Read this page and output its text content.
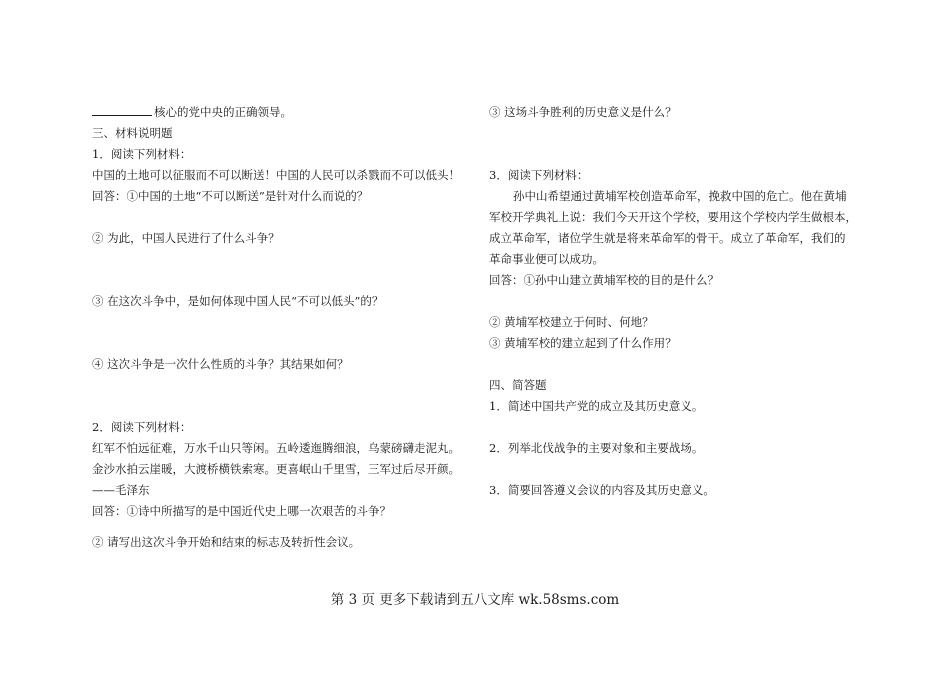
核心的党中央的正确领导。
三、材料说明题
1．阅读下列材料：
中国的土地可以征服而不可以断送！中国的人民可以杀戮而不可以低头！
回答：①中国的土地“不可以断送”是针对什么而说的？
② 为此，中国人民进行了什么斗争？
③ 在这次斗争中，是如何体现中国人民“不可以低头”的？
④ 这次斗争是一次什么性质的斗争？其结果如何？
2．阅读下列材料：
红军不怕远征难，万水千山只等闲。五岭逶迤腾细浪，乌蒙磅礴走泥丸。
金沙水拍云崖暖，大渡桥横铁索寒。更喜岷山千里雪，三军过后尽开颜。
——毛泽东
回答：①诗中所描写的是中国近代史上哪一次艰苦的斗争？
② 请写出这次斗争开始和结束的标志及转折性会议。
③ 这场斗争胜利的历史意义是什么？
3．阅读下列材料：
孙中山希望通过黄埔军校创造革命军，挽救中国的危亡。他在黄埔
军校开学典礼上说：我们今天开这个学校，要用这个学校内学生做根本，
成立革命军，诸位学生就是将来革命军的骨干。成立了革命军，我们的
革命事业便可以成功。
回答：①孙中山建立黄埔军校的目的是什么？
② 黄埔军校建立于何时、何地？
③ 黄埔军校的建立起到了什么作用？
四、简答题
1．简述中国共产党的成立及其历史意义。
2．列举北伐战争的主要对象和主要战场。
3．简要回答遵义会议的内容及其历史意义。
第 3 页 更多下载请到五八文库 wk.58sms.com
